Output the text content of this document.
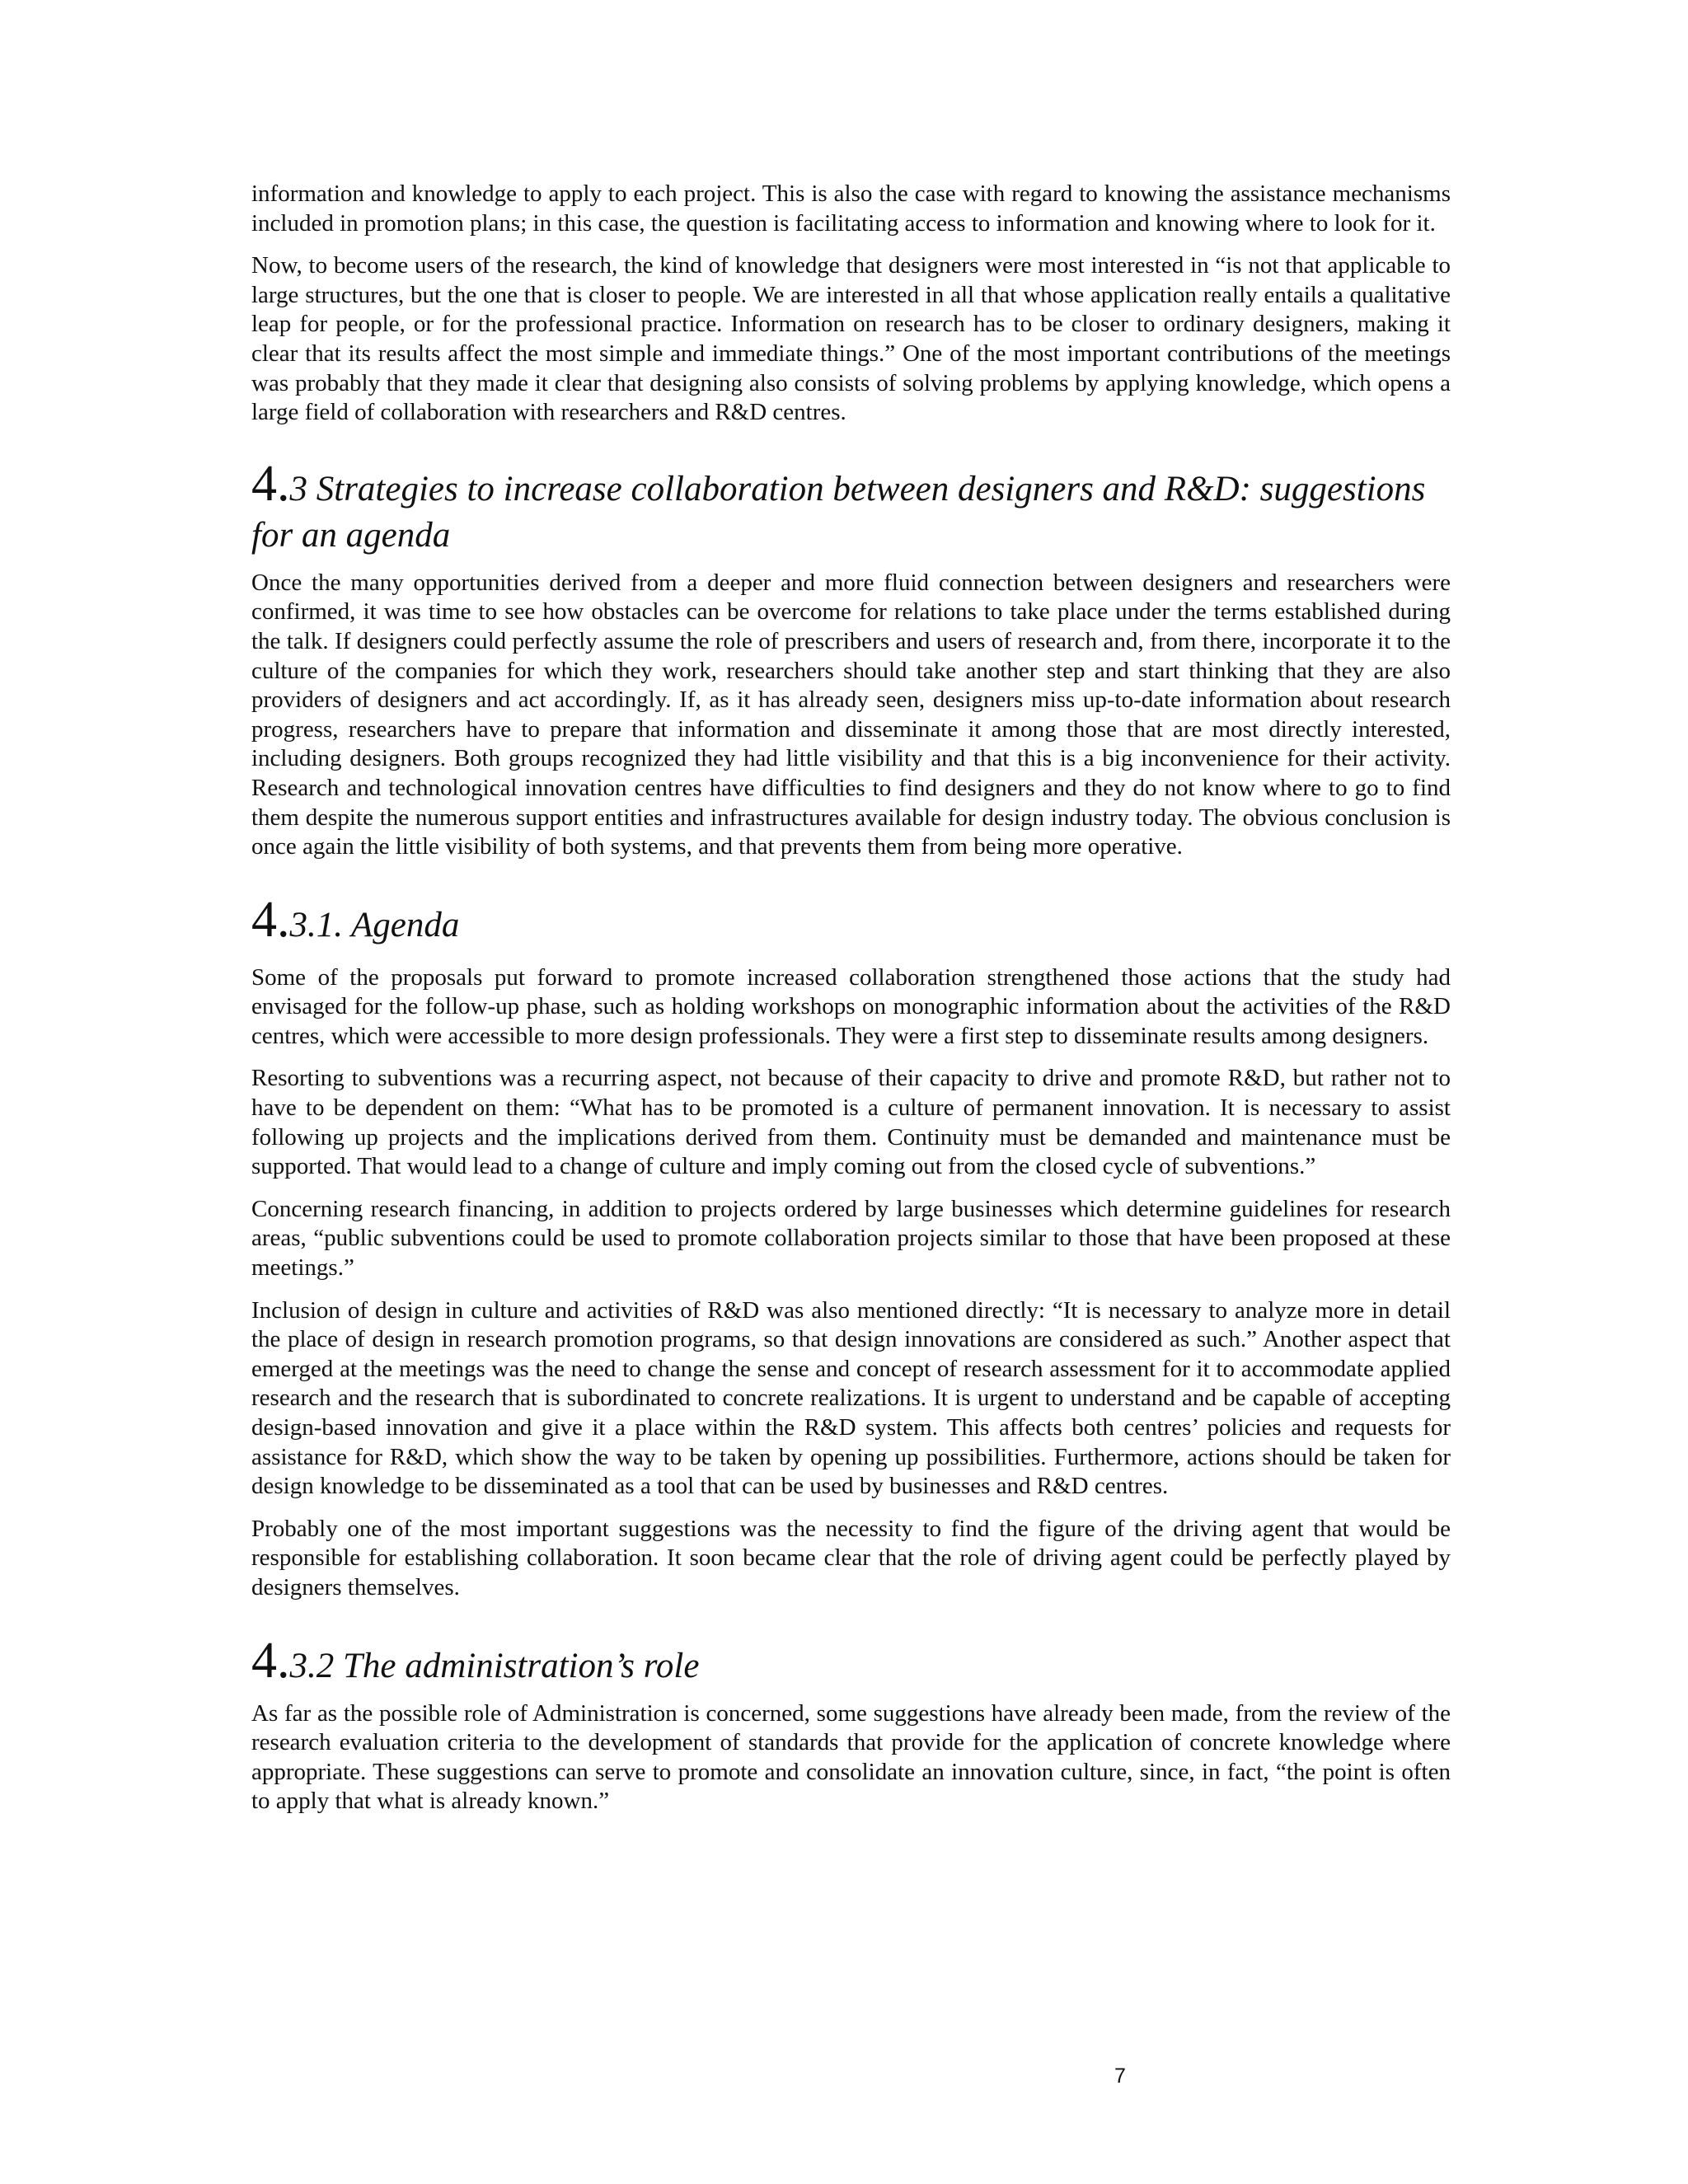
information and knowledge to apply to each project. This is also the case with regard to knowing the assistance mechanisms included in promotion plans; in this case, the question is facilitating access to information and knowing where to look for it.

Now, to become users of the research, the kind of knowledge that designers were most interested in “is not that applicable to large structures, but the one that is closer to people. We are interested in all that whose application really entails a qualitative leap for people, or for the professional practice. Information on research has to be closer to ordinary designers, making it clear that its results affect the most simple and immediate things.” One of the most important contributions of the meetings was probably that they made it clear that designing also consists of solving problems by applying knowledge, which opens a large field of collaboration with researchers and R&D centres.

4.3 Strategies to increase collaboration between designers and R&D: suggestions for an agenda

Once the many opportunities derived from a deeper and more fluid connection between designers and researchers were confirmed, it was time to see how obstacles can be overcome for relations to take place under the terms established during the talk. If designers could perfectly assume the role of prescribers and users of research and, from there, incorporate it to the culture of the companies for which they work, researchers should take another step and start thinking that they are also providers of designers and act accordingly. If, as it has already seen, designers miss up-to-date information about research progress, researchers have to prepare that information and disseminate it among those that are most directly interested, including designers. Both groups recognized they had little visibility and that this is a big inconvenience for their activity. Research and technological innovation centres have difficulties to find designers and they do not know where to go to find them despite the numerous support entities and infrastructures available for design industry today. The obvious conclusion is once again the little visibility of both systems, and that prevents them from being more operative.

4.3.1. Agenda

Some of the proposals put forward to promote increased collaboration strengthened those actions that the study had envisaged for the follow-up phase, such as holding workshops on monographic information about the activities of the R&D centres, which were accessible to more design professionals. They were a first step to disseminate results among designers.

Resorting to subventions was a recurring aspect, not because of their capacity to drive and promote R&D, but rather not to have to be dependent on them: “What has to be promoted is a culture of permanent innovation. It is necessary to assist following up projects and the implications derived from them. Continuity must be demanded and maintenance must be supported. That would lead to a change of culture and imply coming out from the closed cycle of subventions.”

Concerning research financing, in addition to projects ordered by large businesses which determine guidelines for research areas, “public subventions could be used to promote collaboration projects similar to those that have been proposed at these meetings.”

Inclusion of design in culture and activities of R&D was also mentioned directly: “It is necessary to analyze more in detail the place of design in research promotion programs, so that design innovations are considered as such.” Another aspect that emerged at the meetings was the need to change the sense and concept of research assessment for it to accommodate applied research and the research that is subordinated to concrete realizations. It is urgent to understand and be capable of accepting design-based innovation and give it a place within the R&D system. This affects both centres’ policies and requests for assistance for R&D, which show the way to be taken by opening up possibilities. Furthermore, actions should be taken for design knowledge to be disseminated as a tool that can be used by businesses and R&D centres.

Probably one of the most important suggestions was the necessity to find the figure of the driving agent that would be responsible for establishing collaboration. It soon became clear that the role of driving agent could be perfectly played by designers themselves.

4.3.2 The administration’s role

As far as the possible role of Administration is concerned, some suggestions have already been made, from the review of the research evaluation criteria to the development of standards that provide for the application of concrete knowledge where appropriate. These suggestions can serve to promote and consolidate an innovation culture, since, in fact, “the point is often to apply that what is already known.”

7
